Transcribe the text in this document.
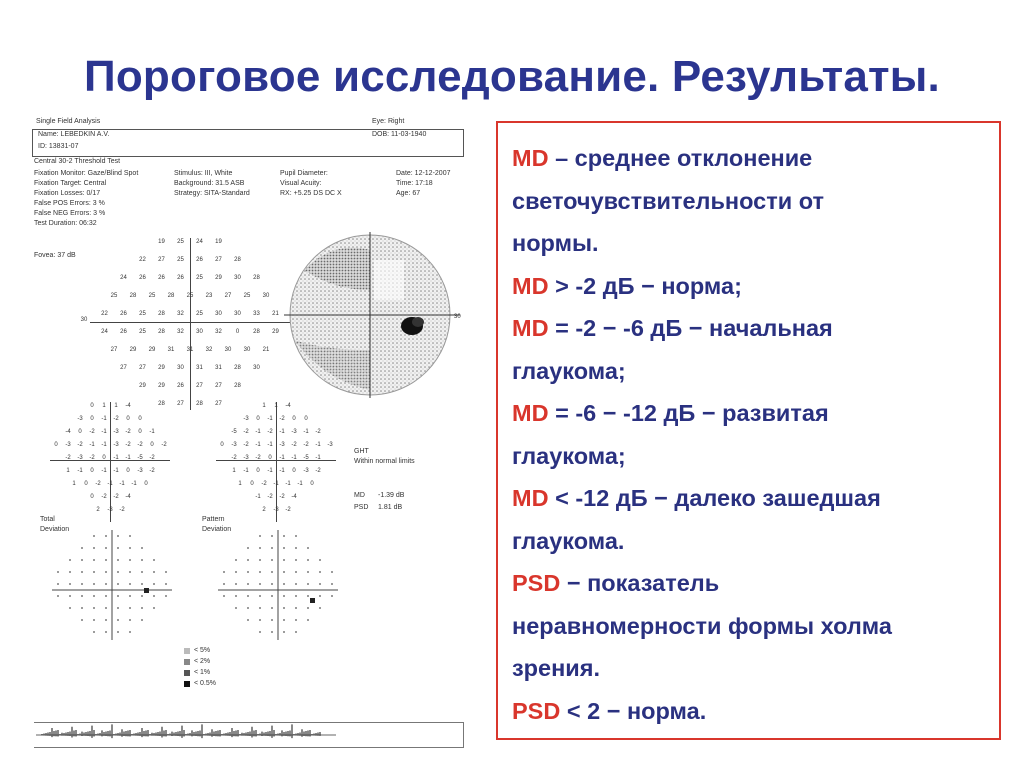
Пороговое исследование. Результаты.
Single Field Analysis	Eye: Right
Name: LEBEDKIN A.V.	DOB: 11-03-1940
ID: 13831-07
Central 30-2 Threshold Test
Fixation Monitor: Gaze/Blind Spot
Fixation Target: Central
Fixation Losses: 0/17
False POS Errors: 3 %
False NEG Errors: 3 %
Test Duration: 06:32
Stimulus: III, White
Background: 31.5 ASB
Strategy: SITA-Standard
Pupil Diameter:
Visual Acuity:
RX: +5.25 DS DC X
Date: 12-12-2007
Time: 17:18
Age: 67
Fovea: 37 dB
30
19 25 24 19
22 27 25 26 27 28
24 26 26 26 25 29 30 28
25 28 25 28 25 23 27 25 30
22 26 25 28 32 25 30 30 33 21
24 26 25 28 32 30 32 0 28 29
27 29 29 31 31 32 30 30 21
27 27 29 30 31 31 28 30
29 29 26 27 27 28
28 27 28 27
30
0 1 1 -4
-3 0 -1 -2 0 0
-4 0 -2 -1 -3 -2 0 -1
0 -3 -2 -1 -1 -3 -2 -2 0 -2
-2 -3 -2 0 -1 -1 -5 -2
1 -1 0 -1 -1 0 -3 -2
1 0 -2 -1 -1 -1 0
0 -2 -2 -4
2 -3 -2
1 1 -4
-3 0 -1 -2 0 0
-5 -2 -1 -2 -1 -3 -1 -2
0 -3 -2 -1 -1 -3 -2 -2 -1 -3
-2 -3 -2 0 -1 -1 -5 -1
1 -1 0 -1 -1 0 -3 -2
1 0 -2 -1 -1 -1 0
-1 -2 -2 -4
2 -3 -2
GHT
Within normal limits
MD -1.39 dB
PSD 1.81 dB
Total
Deviation
Pattern
Deviation
< 5%
< 2%
< 1%
< 0.5%
MD – среднее отклонение
светочувствительности от
нормы.
MD > -2 дБ − норма;
MD = -2 − -6 дБ − начальная
глаукома;
MD = -6 − -12 дБ − развитая
глаукома;
MD < -12 дБ − далеко зашедшая
глаукома.
PSD − показатель
неравномерности формы холма
зрения.
PSD < 2 − норма.
